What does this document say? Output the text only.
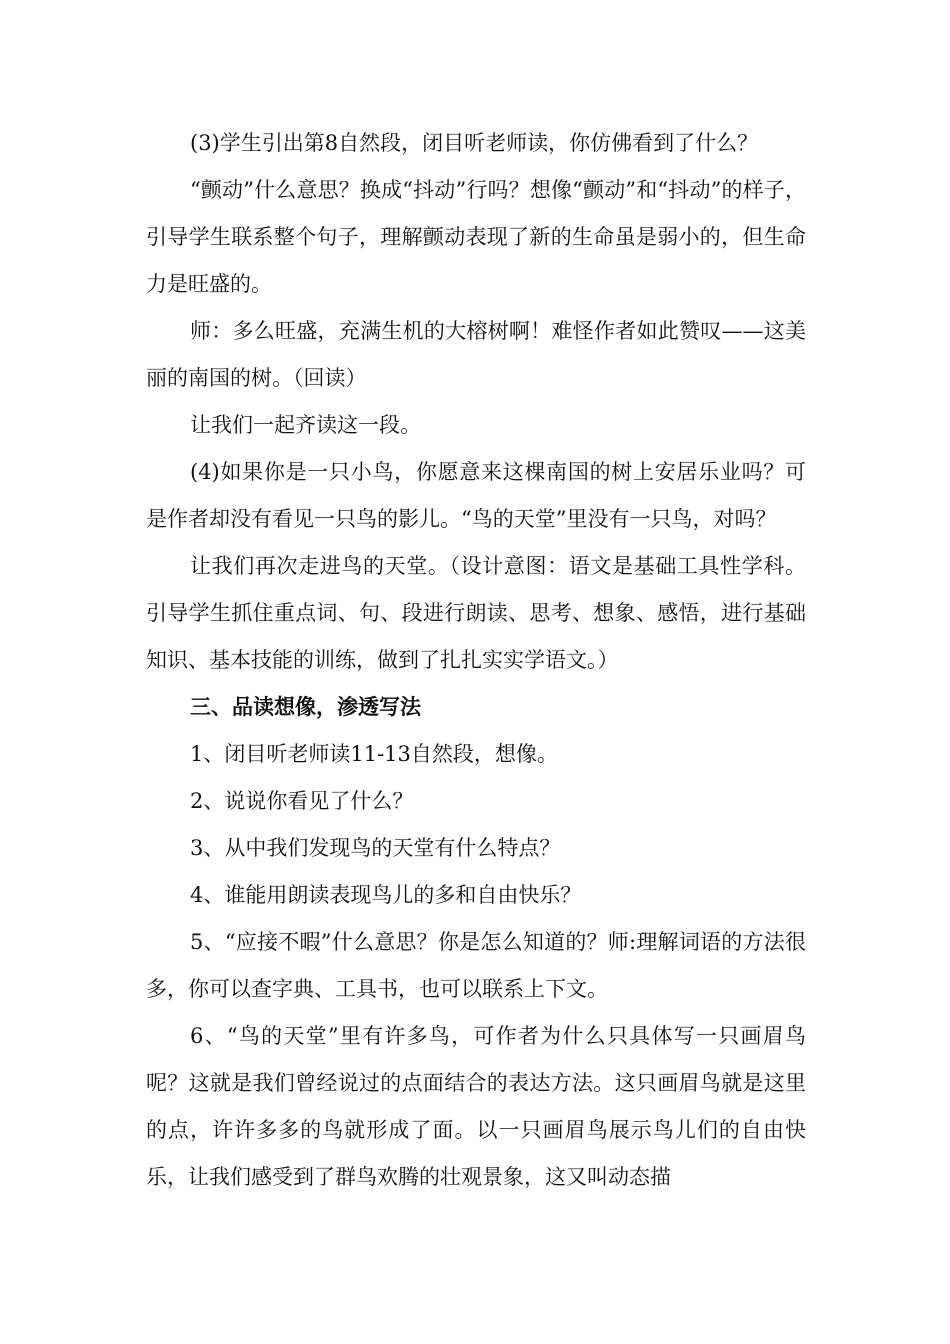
(3)学生引出第8自然段，闭目听老师读，你仿佛看到了什么？

“颤动”什么意思？换成“抖动”行吗？想像“颤动”和“抖动”的样子，引导学生联系整个句子，理解颤动表现了新的生命虽是弱小的，但生命力是旺盛的。

师：多么旺盛，充满生机的大榕树啊！难怪作者如此赞叹——这美丽的南国的树。（回读）

让我们一起齐读这一段。

(4)如果你是一只小鸟，你愿意来这棵南国的树上安居乐业吗？可是作者却没有看见一只鸟的影儿。“鸟的天堂”里没有一只鸟，对吗？

让我们再次走进鸟的天堂。（设计意图：语文是基础工具性学科。引导学生抓住重点词、句、段进行朗读、思考、想象、感悟，进行基础知识、基本技能的训练，做到了扎扎实实学语文。）

三、品读想像，渗透写法

1、闭目听老师读11-13自然段，想像。

2、说说你看见了什么？

3、从中我们发现鸟的天堂有什么特点？

4、谁能用朗读表现鸟儿的多和自由快乐？

5、“应接不暇”什么意思？你是怎么知道的？师:理解词语的方法很多，你可以查字典、工具书，也可以联系上下文。

6、“鸟的天堂”里有许多鸟，可作者为什么只具体写一只画眉鸟呢？这就是我们曾经说过的点面结合的表达方法。这只画眉鸟就是这里的点，许许多多的鸟就形成了面。以一只画眉鸟展示鸟儿们的自由快乐，让我们感受到了群鸟欢腾的壮观景象，这又叫动态描
